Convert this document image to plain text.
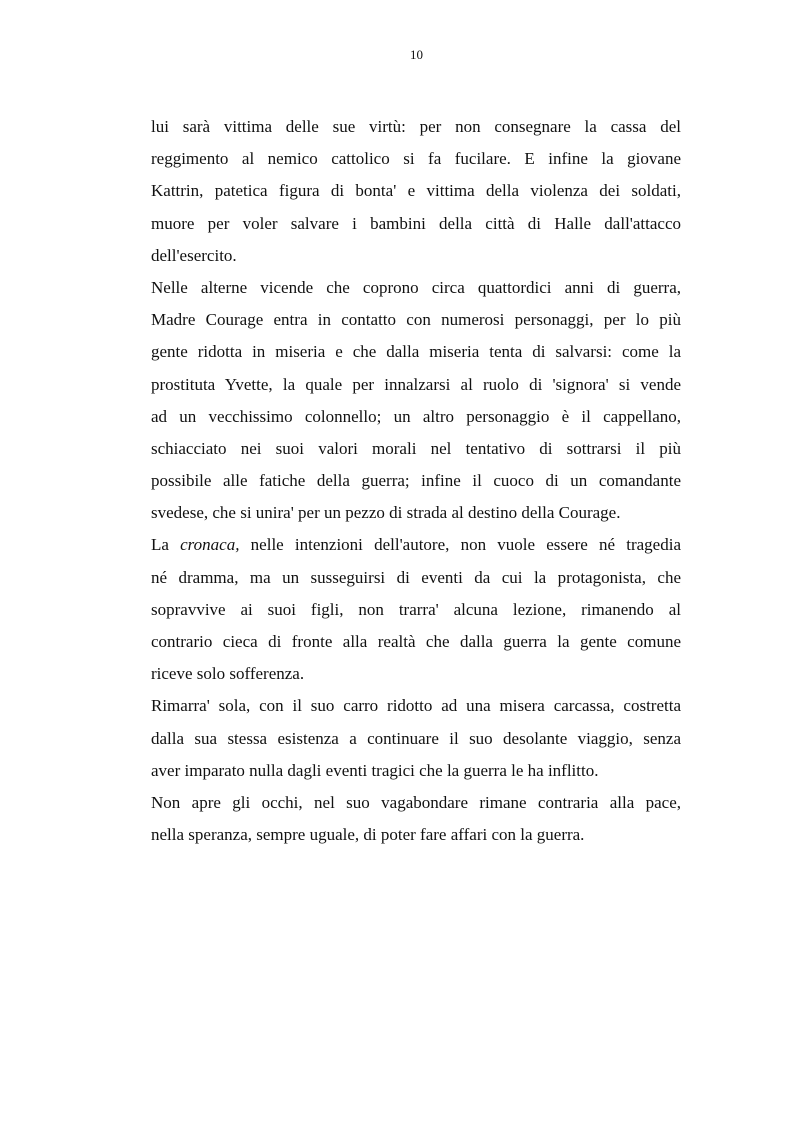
10
lui sarà vittima delle sue virtù: per non consegnare la cassa del
reggimento al nemico cattolico si fa fucilare. E infine la giovane
Kattrin, patetica figura di bonta' e vittima della violenza dei soldati,
muore per voler salvare i bambini della città di Halle dall'attacco
dell'esercito.
Nelle alterne vicende che coprono circa quattordici anni di guerra,
Madre Courage entra in contatto con numerosi personaggi, per lo più
gente ridotta in miseria e che dalla miseria tenta di salvarsi: come la
prostituta Yvette, la quale per innalzarsi al ruolo di 'signora' si vende
ad un vecchissimo colonnello; un altro personaggio è il cappellano,
schiacciato nei suoi valori morali nel tentativo di sottrarsi il più
possibile alle fatiche della guerra; infine il cuoco di un comandante
svedese, che si unira' per un pezzo di strada al destino della Courage.
La cronaca, nelle intenzioni dell'autore, non vuole essere né tragedia
né dramma, ma un susseguirsi di eventi da cui la protagonista, che
sopravvive ai suoi figli, non trarra' alcuna lezione, rimanendo al
contrario cieca di fronte alla realtà che dalla guerra la gente comune
riceve solo sofferenza.
Rimarra' sola, con il suo carro ridotto ad una misera carcassa, costretta
dalla sua stessa esistenza a continuare il suo desolante viaggio, senza
aver imparato nulla dagli eventi tragici che la guerra le ha inflitto.
Non apre gli occhi, nel suo vagabondare rimane contraria alla pace,
nella speranza, sempre uguale, di poter fare affari con la guerra.
